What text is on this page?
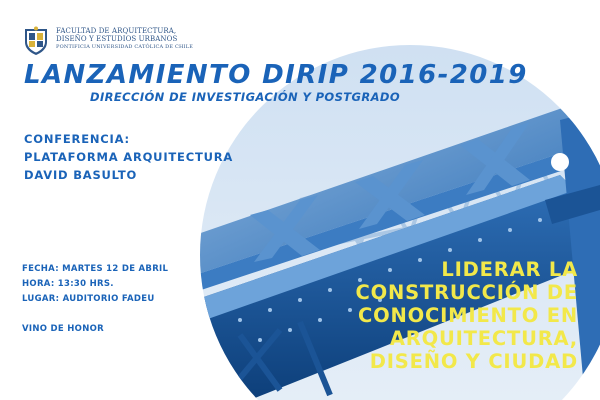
FACULTAD DE ARQUITECTURA,
DISEÑO Y ESTUDIOS URBANOS
PONTIFICIA UNIVERSIDAD CATÓLICA DE CHILE
LANZAMIENTO DIRIP 2016-2019
DIRECCIÓN DE INVESTIGACIÓN Y POSTGRADO
CONFERENCIA:
PLATAFORMA ARQUITECTURA
DAVID BASULTO
FECHA: MARTES 12 DE ABRIL
HORA: 13:30 HRS.
LUGAR: AUDITORIO FADEU
VINO DE HONOR
LIDERAR LA
CONSTRUCCIÓN DE
CONOCIMIENTO EN
ARQUITECTURA,
DISEÑO Y CIUDAD
